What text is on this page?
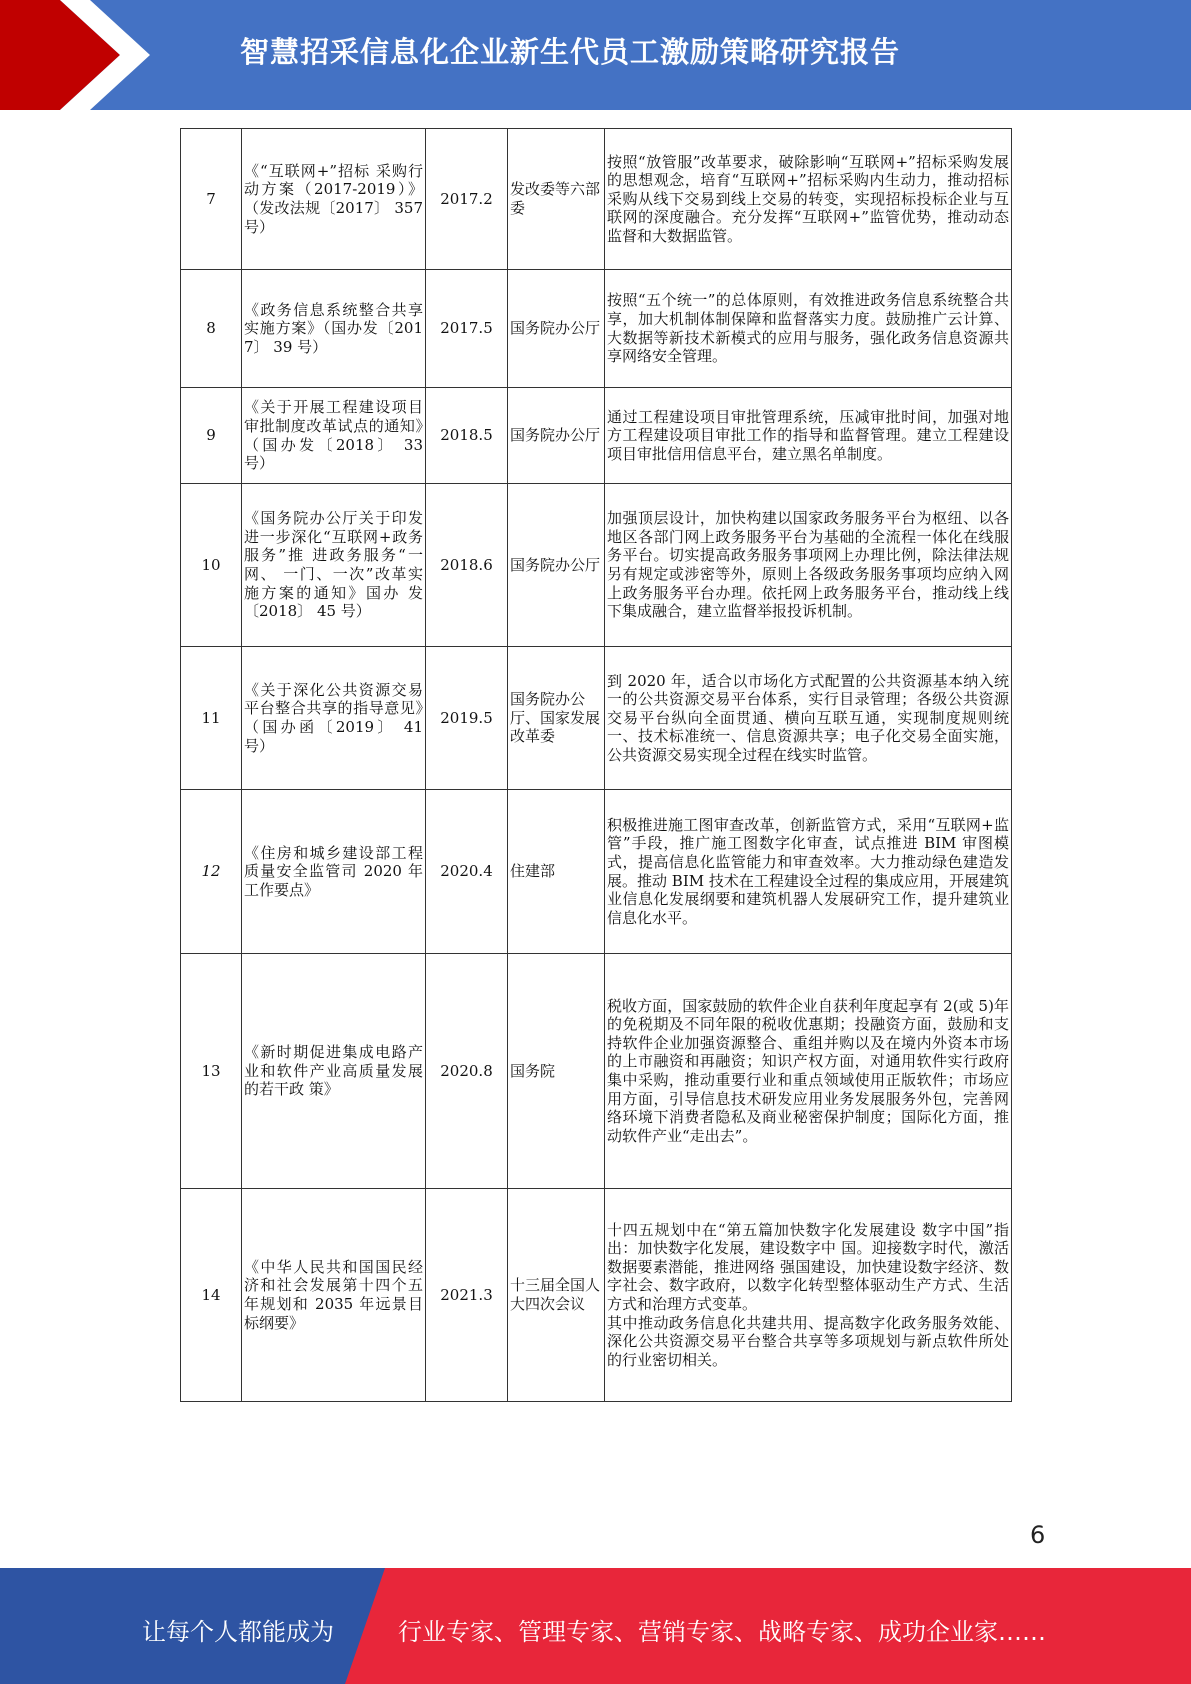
智慧招采信息化企业新生代员工激励策略研究报告
7	《“互联网+”招标 采购行动方案（2017-2019）》（发改法规〔2017〕 357 号）	2017.2	发改委等六部委	按照“放管服”改革要求，破除影响“互联网+”招标采购发展的思想观念，培育“互联网+”招标采购内生动力，推动招标采购从线下交易到线上交易的转变，实现招标投标企业与互联网的深度融合。充分发挥“互联网+”监管优势，推动动态监督和大数据监管。

8	《政务信息系统整合共享实施方案》（国办发〔2017〕 39 号）	2017.5	国务院办公厅	按照“五个统一”的总体原则，有效推进政务信息系统整合共享，加大机制体制保障和监督落实力度。鼓励推广云计算、大数据等新技术新模式的应用与服务，强化政务信息资源共享网络安全管理。

9	《关于开展工程建设项目审批制度改革试点的通知》（国办发〔2018〕 33 号）	2018.5	国务院办公厅	通过工程建设项目审批管理系统，压减审批时间，加强对地方工程建设项目审批工作的指导和监督管理。建立工程建设项目审批信用信息平台，建立黑名单制度。

10	《国务院办公厅关于印发进一步深化“互联网+政务服务”推 进政务服务“一网、 一门、一次”改革实 施方案的通知》国办 发〔2018〕 45 号）	2018.6	国务院办公厅	加强顶层设计，加快构建以国家政务服务平台为枢纽、以各地区各部门网上政务服务平台为基础的全流程一体化在线服务平台。切实提高政务服务事项网上办理比例，除法律法规另有规定或涉密等外，原则上各级政务服务事项均应纳入网上政务服务平台办理。依托网上政务服务平台，推动线上线下集成融合，建立监督举报投诉机制。

11	《关于深化公共资源交易平台整合共享的指导意见》（国办函〔2019〕 41 号）	2019.5	国务院办公厅、国家发展改革委	到 2020 年，适合以市场化方式配置的公共资源基本纳入统一的公共资源交易平台体系，实行目录管理；各级公共资源交易平台纵向全面贯通、横向互联互通，实现制度规则统一、技术标准统一、信息资源共享；电子化交易全面实施，公共资源交易实现全过程在线实时监管。

12	《住房和城乡建设部工程质量安全监管司 2020 年工作要点》	2020.4	住建部	积极推进施工图审查改革，创新监管方式，采用“互联网+监管”手段，推广施工图数字化审查，试点推进 BIM 审图模式，提高信息化监管能力和审查效率。大力推动绿色建造发展。推动 BIM 技术在工程建设全过程的集成应用，开展建筑业信息化发展纲要和建筑机器人发展研究工作，提升建筑业信息化水平。

13	《新时期促进集成电路产业和软件产业高质量发展的若干政 策》	2020.8	国务院	税收方面，国家鼓励的软件企业自获利年度起享有 2(或 5)年的免税期及不同年限的税收优惠期；投融资方面，鼓励和支持软件企业加强资源整合、重组并购以及在境内外资本市场的上市融资和再融资；知识产权方面，对通用软件实行政府集中采购，推动重要行业和重点领域使用正版软件；市场应用方面，引导信息技术研发应用业务发展服务外包，完善网络环境下消费者隐私及商业秘密保护制度；国际化方面，推动软件产业“走出去”。

14	《中华人民共和国国民经济和社会发展第十四个五年规划和 2035 年远景目标纲要》	2021.3	十三届全国人大四次会议	十四五规划中在“第五篇加快数字化发展建设 数字中国”指出：加快数字化发展，建设数字中 国。迎接数字时代，激活数据要素潜能，推进网络 强国建设，加快建设数字经济、数字社会、数字政府，以数字化转型整体驱动生产方式、生活方式和治理方式变革。
其中推动政务信息化共建共用、提高数字化政务服务效能、深化公共资源交易平台整合共享等多项规划与新点软件所处的行业密切相关。
6
让每个人都能成为	行业专家、管理专家、营销专家、战略专家、成功企业家……
